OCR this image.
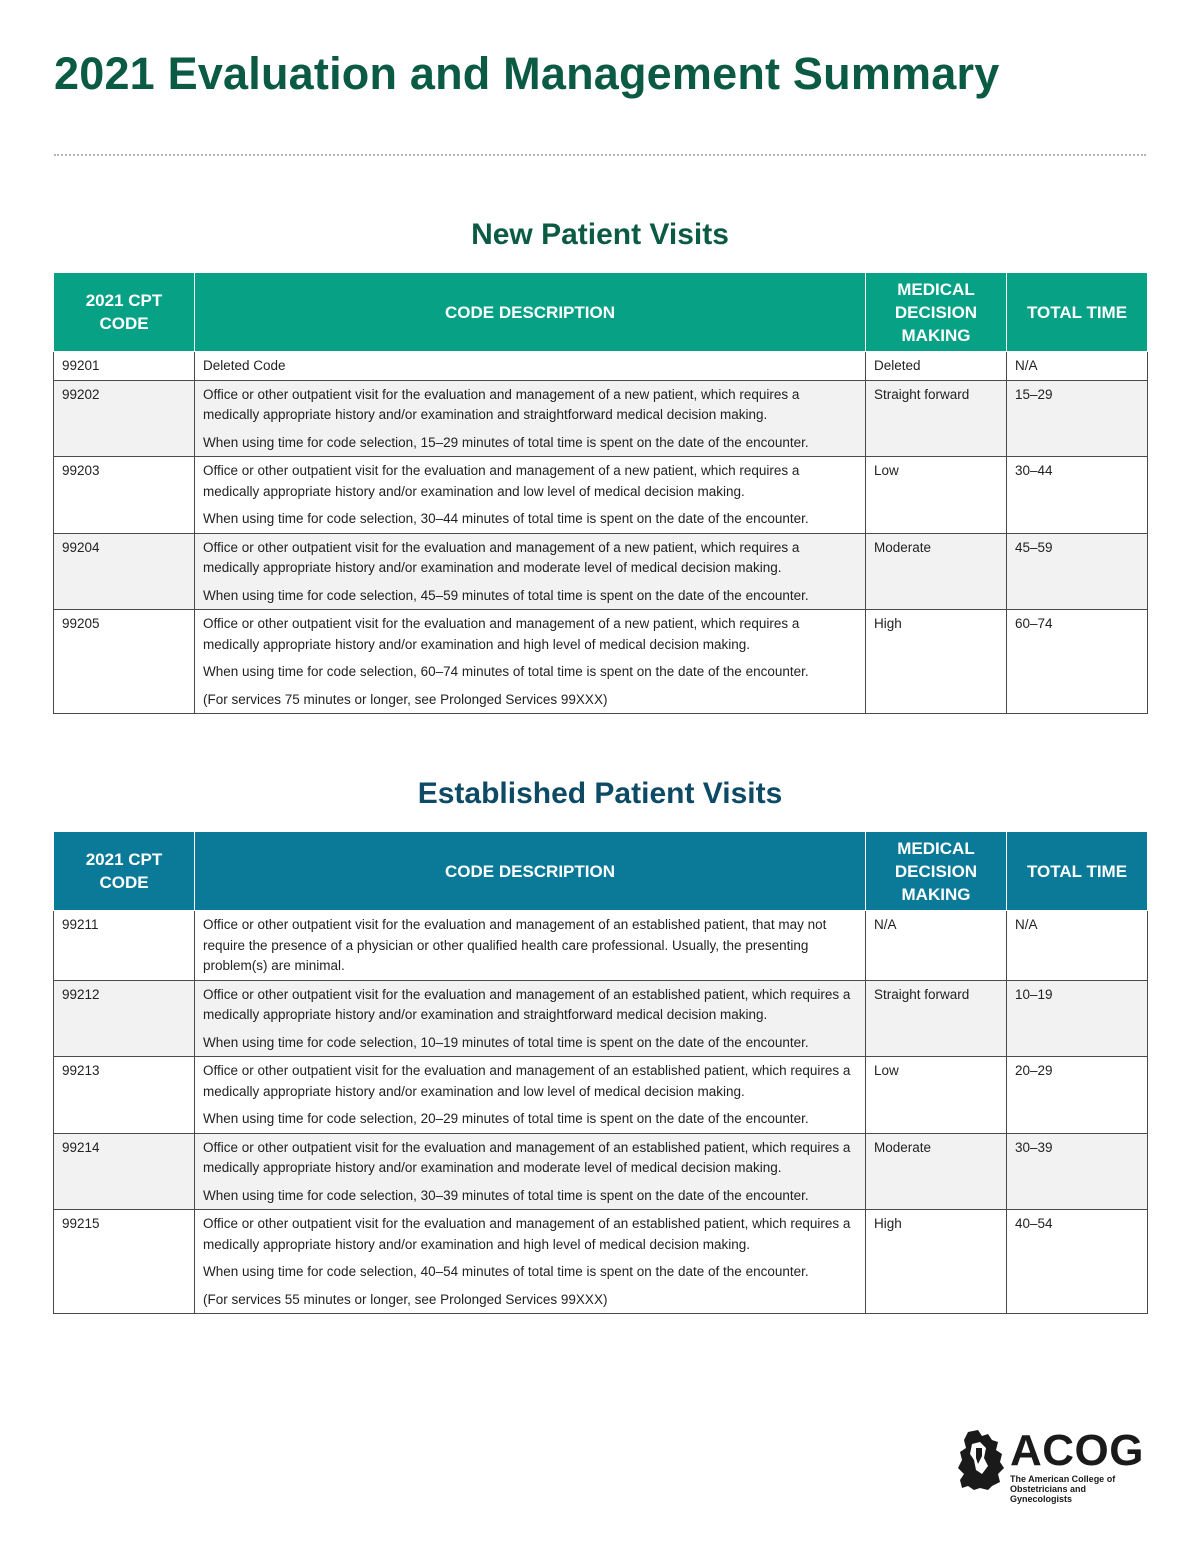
2021 Evaluation and Management Summary
New Patient Visits
2021 CPT CODE	CODE DESCRIPTION	MEDICAL DECISION MAKING	TOTAL TIME
99201	Deleted Code	Deleted	N/A
99202	Office or other outpatient visit for the evaluation and management of a new patient, which requires a medically appropriate history and/or examination and straightforward medical decision making.

When using time for code selection, 15–29 minutes of total time is spent on the date of the encounter.	Straight forward	15–29
99203	Office or other outpatient visit for the evaluation and management of a new patient, which requires a medically appropriate history and/or examination and low level of medical decision making.

When using time for code selection, 30–44 minutes of total time is spent on the date of the encounter.	Low	30–44
99204	Office or other outpatient visit for the evaluation and management of a new patient, which requires a medically appropriate history and/or examination and moderate level of medical decision making.

When using time for code selection, 45–59 minutes of total time is spent on the date of the encounter.	Moderate	45–59
99205	Office or other outpatient visit for the evaluation and management of a new patient, which requires a medically appropriate history and/or examination and high level of medical decision making.

When using time for code selection, 60–74 minutes of total time is spent on the date of the encounter.

(For services 75 minutes or longer, see Prolonged Services 99XXX)	High	60–74
Established Patient Visits
2021 CPT CODE	CODE DESCRIPTION	MEDICAL DECISION MAKING	TOTAL TIME
99211	Office or other outpatient visit for the evaluation and management of an established patient, that may not require the presence of a physician or other qualified health care professional. Usually, the presenting problem(s) are minimal.	N/A	N/A
99212	Office or other outpatient visit for the evaluation and management of an established patient, which requires a medically appropriate history and/or examination and straightforward medical decision making.

When using time for code selection, 10–19 minutes of total time is spent on the date of the encounter.	Straight forward	10–19
99213	Office or other outpatient visit for the evaluation and management of an established patient, which requires a medically appropriate history and/or examination and low level of medical decision making.

When using time for code selection, 20–29 minutes of total time is spent on the date of the encounter.	Low	20–29
99214	Office or other outpatient visit for the evaluation and management of an established patient, which requires a medically appropriate history and/or examination and moderate level of medical decision making.

When using time for code selection, 30–39 minutes of total time is spent on the date of the encounter.	Moderate	30–39
99215	Office or other outpatient visit for the evaluation and management of an established patient, which requires a medically appropriate history and/or examination and high level of medical decision making.

When using time for code selection, 40–54 minutes of total time is spent on the date of the encounter.

(For services 55 minutes or longer, see Prolonged Services 99XXX)	High	40–54
ACOG
The American College of Obstetricians and Gynecologists
